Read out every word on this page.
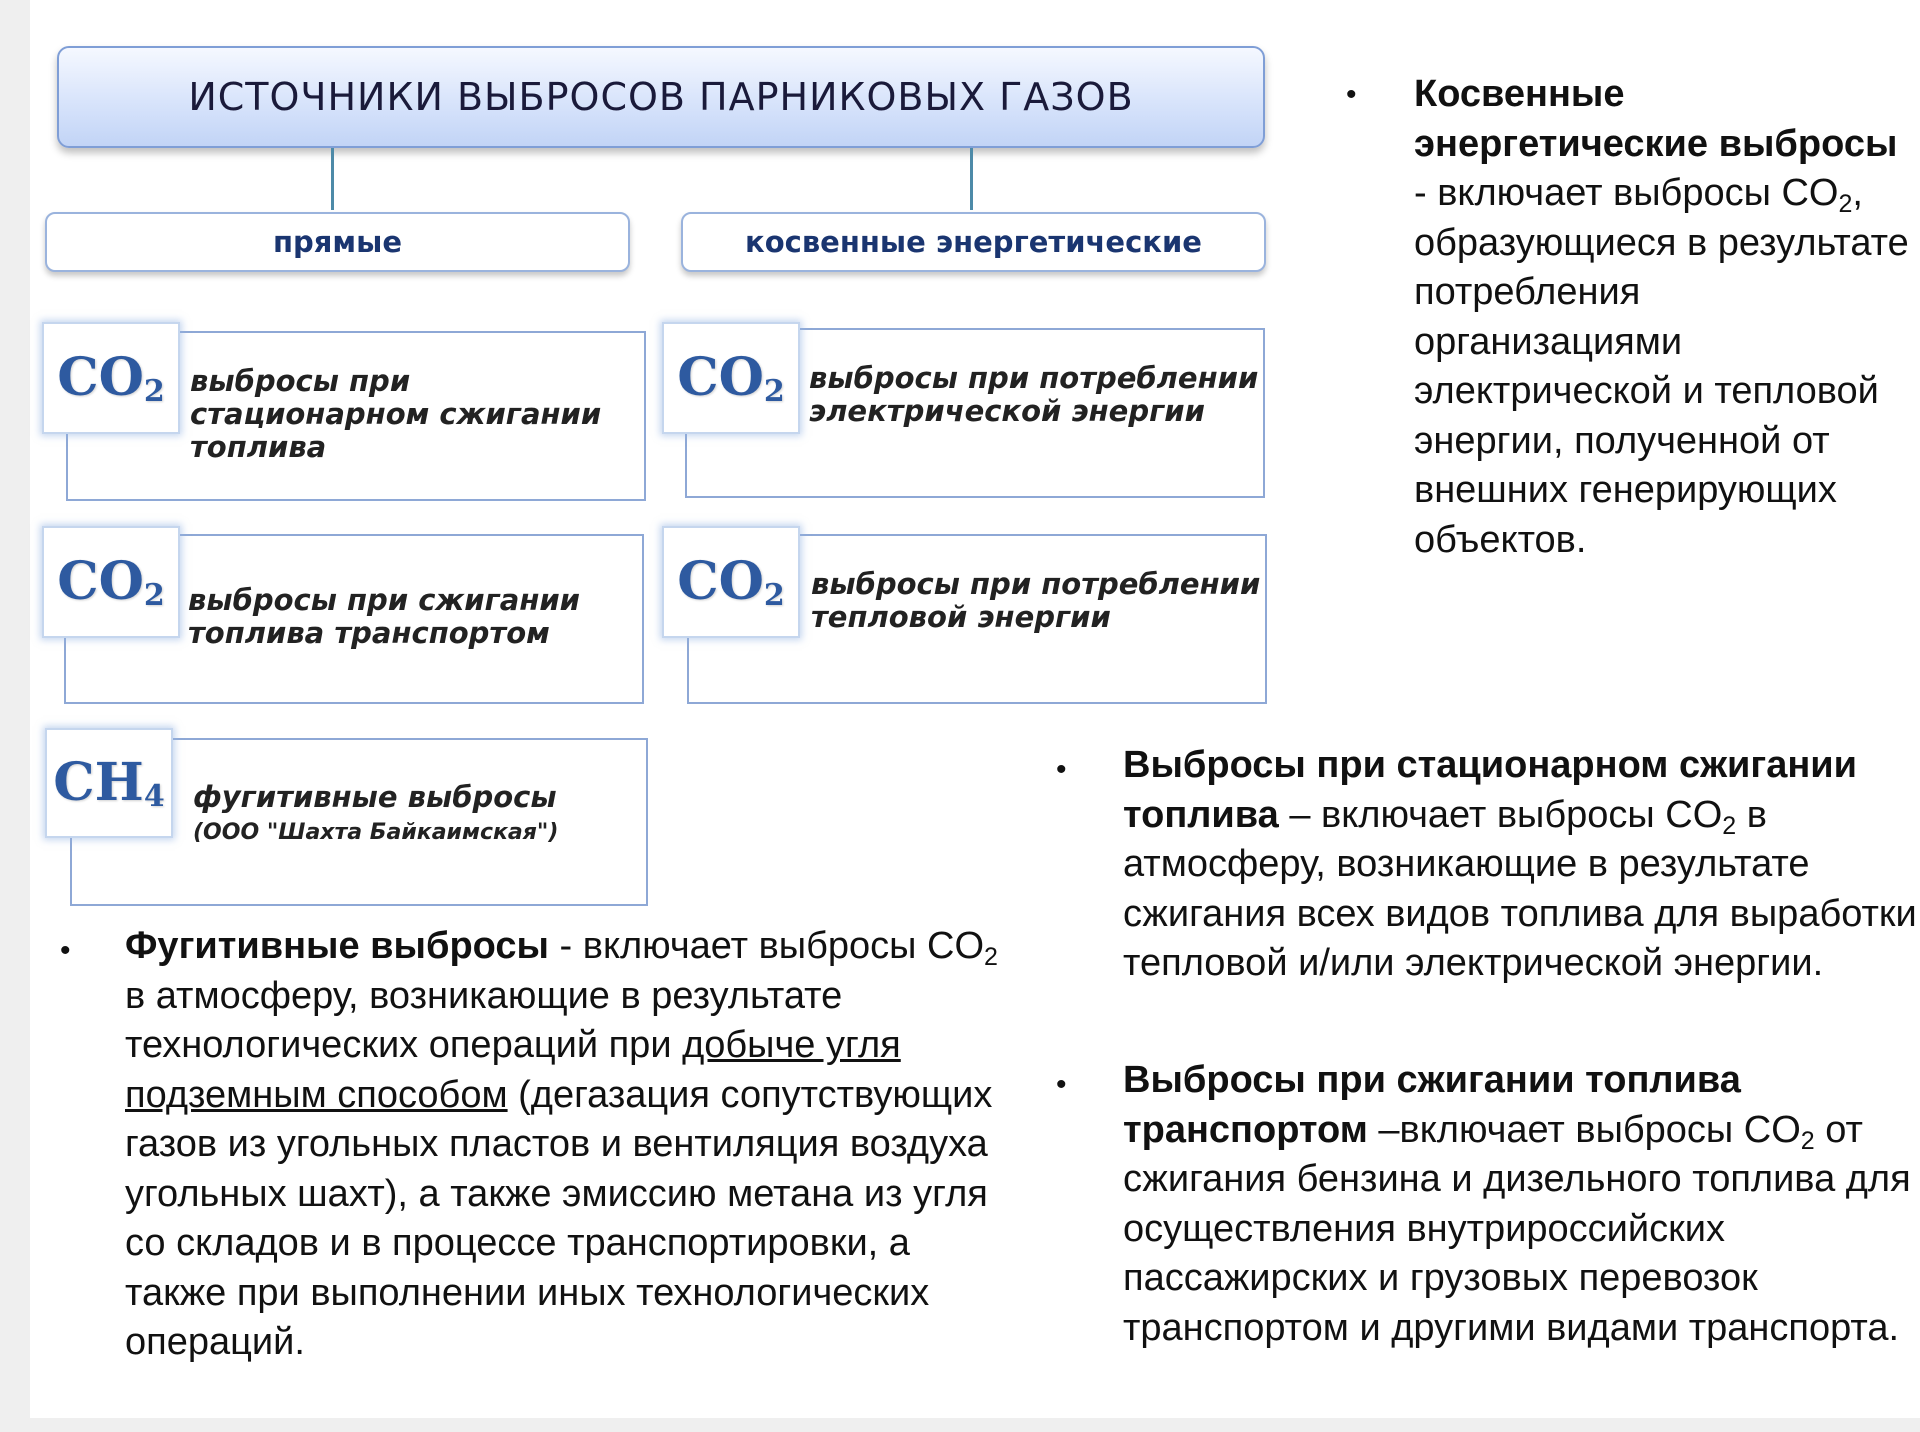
ИСТОЧНИКИ ВЫБРОСОВ ПАРНИКОВЫХ ГАЗОВ
прямые	косвенные энергетические
$CO_2$ выбросы при стационарном сжигании топлива
$CO_2$ выбросы при сжигании топлива транспортом
$CH_4$ фугитивные выбросы
(ООО "Шахта Байкаимская")
$CO_2$ выбросы при потреблении электрической энергии
$CO_2$ выбросы при потреблении тепловой энергии
• Косвенные энергетические выбросы - включает выбросы $CO_2$, образующиеся в результате потребления организациями электрической и тепловой энергии, полученной от внешних генерирующих объектов.
• Выбросы при стационарном сжигании топлива – включает выбросы $CO_2$ в атмосферу, возникающие в результате сжигания всех видов топлива для выработки тепловой и/или электрической энергии.
• Выбросы при сжигании топлива транспортом –включает выбросы $CO_2$ от сжигания бензина и дизельного топлива для осуществления внутрироссийских пассажирских и грузовых перевозок транспортом и другими видами транспорта.
• Фугитивные выбросы - включает выбросы $CO_2$ в атмосферу, возникающие в результате технологических операций при добыче угля подземным способом (дегазация сопутствующих газов из угольных пластов и вентиляция воздуха угольных шахт), а также эмиссию метана из угля со складов и в процессе транспортировки, а также при выполнении иных технологических операций.
